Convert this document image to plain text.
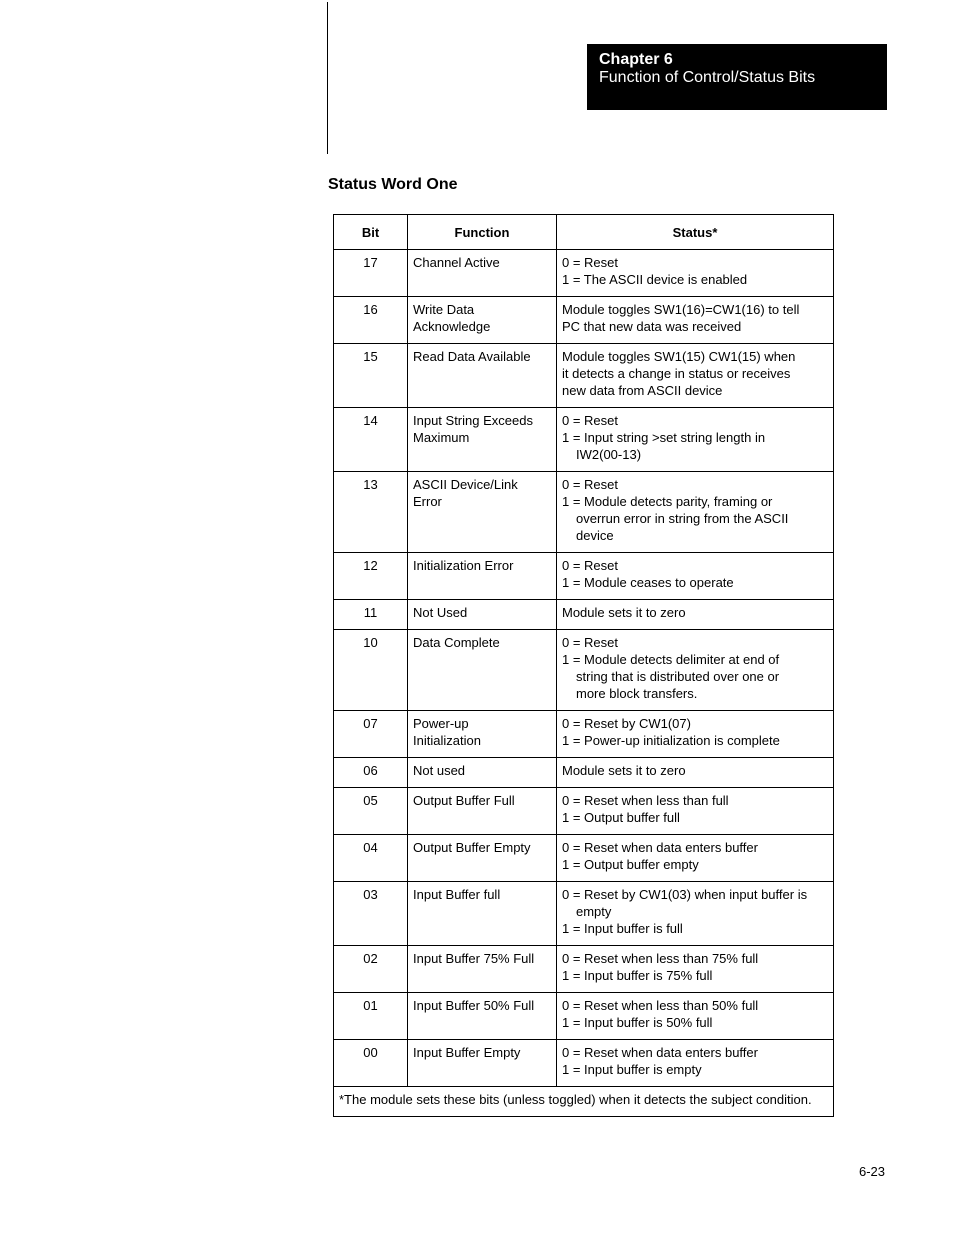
Chapter 6
Function of Control/Status Bits
Status Word One
Bit	Function	Status*
17	Channel Active	0 = Reset
1 = The ASCII device is enabled

16	Write Data
Acknowledge	Module toggles SW1(16)=CW1(16) to tell
PC that new data was received

15	Read Data Available	Module toggles SW1(15) CW1(15) when
it detects a change in status or receives
new data from ASCII device

14	Input String Exceeds
Maximum	0 = Reset
1 = Input string >set string length in
IW2(00-13)

13	ASCII Device/Link
Error	0 = Reset
1 = Module detects parity, framing or
overrun error in string from the ASCII
device

12	Initialization Error	0 = Reset
1 = Module ceases to operate

11	Not Used	Module sets it to zero

10	Data Complete	0 = Reset
1 = Module detects delimiter at end of
string that is distributed over one or
more block transfers.

07	Power-up
Initialization	0 = Reset by CW1(07)
1 = Power-up initialization is complete

06	Not used	Module sets it to zero

05	Output Buffer Full	0 = Reset when less than full
1 = Output buffer full

04	Output Buffer Empty	0 = Reset when data enters buffer
1 = Output buffer empty

03	Input Buffer full	0 = Reset by CW1(03) when input buffer is
empty
1 = Input buffer is full

02	Input Buffer 75% Full	0 = Reset when less than 75% full
1 = Input buffer is 75% full

01	Input Buffer 50% Full	0 = Reset when less than 50% full
1 = Input buffer is 50% full

00	Input Buffer Empty	0 = Reset when data enters buffer
1 = Input buffer is empty

*The module sets these bits (unless toggled) when it detects the subject condition.		
6-23
